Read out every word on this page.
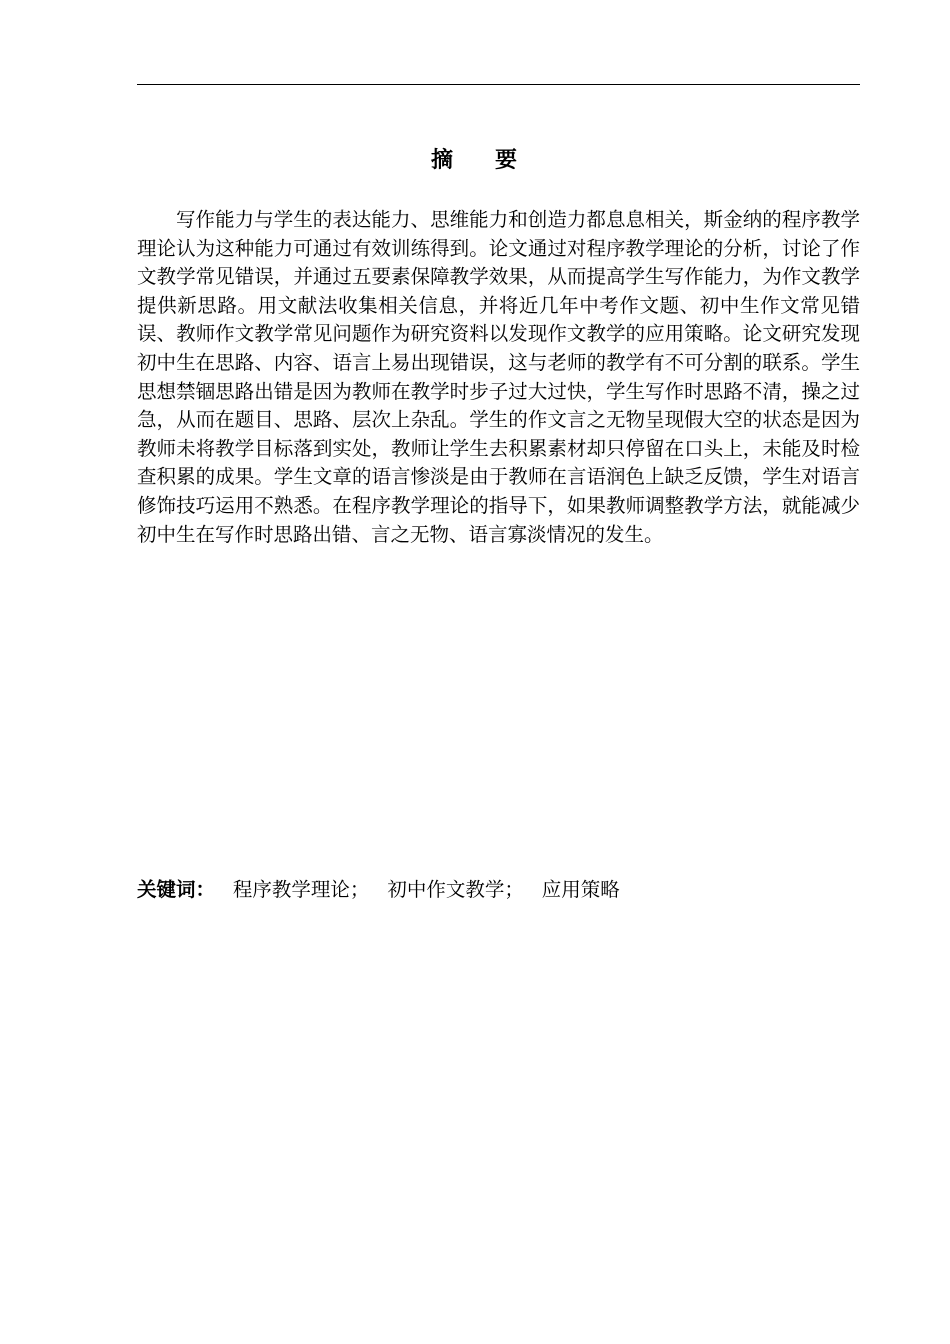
摘 要

写作能力与学生的表达能力、思维能力和创造力都息息相关，斯金纳的程序教学理论认为这种能力可通过有效训练得到。论文通过对程序教学理论的分析，讨论了作文教学常见错误，并通过五要素保障教学效果，从而提高学生写作能力，为作文教学提供新思路。用文献法收集相关信息，并将近几年中考作文题、初中生作文常见错误、教师作文教学常见问题作为研究资料以发现作文教学的应用策略。论文研究发现初中生在思路、内容、语言上易出现错误，这与老师的教学有不可分割的联系。学生思想禁锢思路出错是因为教师在教学时步子过大过快，学生写作时思路不清，操之过急，从而在题目、思路、层次上杂乱。学生的作文言之无物呈现假大空的状态是因为教师未将教学目标落到实处，教师让学生去积累素材却只停留在口头上，未能及时检查积累的成果。学生文章的语言惨淡是由于教师在言语润色上缺乏反馈，学生对语言修饰技巧运用不熟悉。在程序教学理论的指导下，如果教师调整教学方法，就能减少初中生在写作时思路出错、言之无物、语言寡淡情况的发生。

关键词： 程序教学理论； 初中作文教学； 应用策略
